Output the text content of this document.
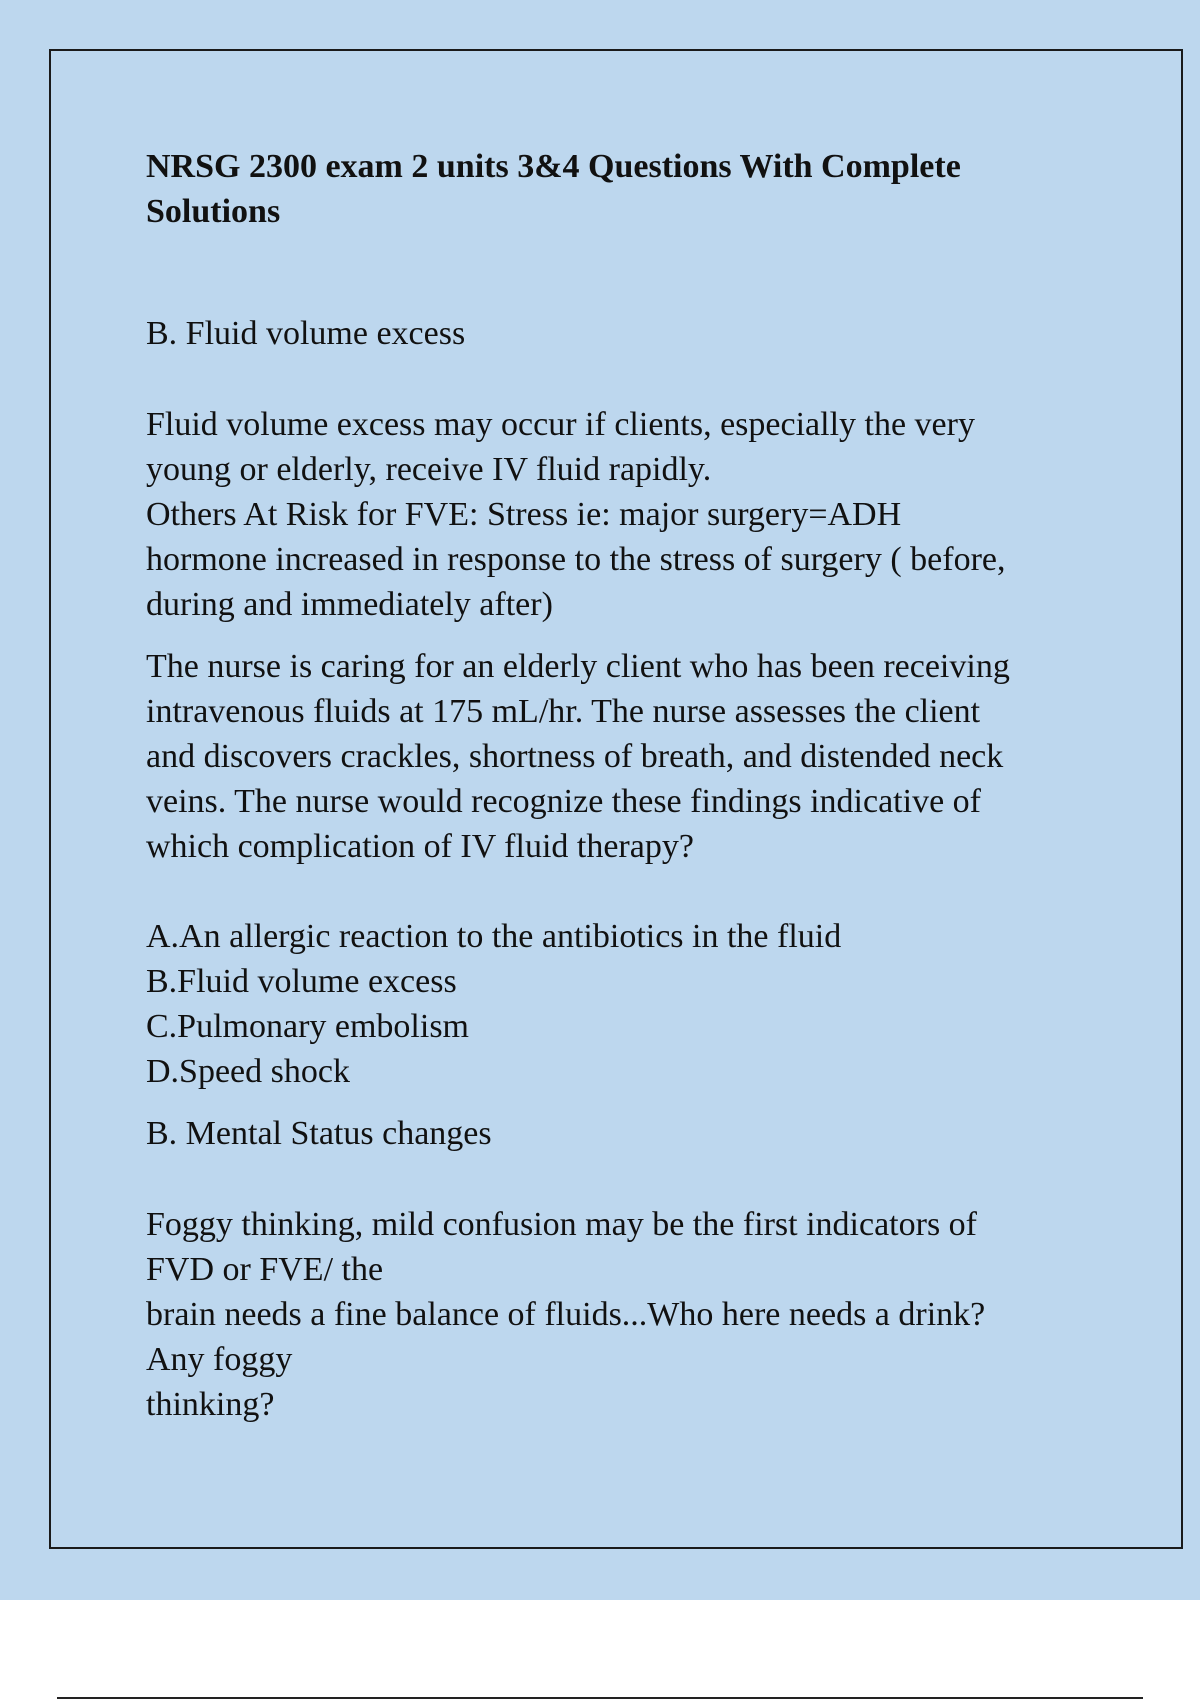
NRSG 2300 exam 2 units 3&4 Questions With Complete
Solutions
B. Fluid volume excess
Fluid volume excess may occur if clients, especially the very
young or elderly, receive IV fluid rapidly.
Others At Risk for FVE: Stress ie: major surgery=ADH
hormone increased in response to the stress of surgery ( before,
during and immediately after)
The nurse is caring for an elderly client who has been receiving
intravenous fluids at 175 mL/hr. The nurse assesses the client
and discovers crackles, shortness of breath, and distended neck
veins. The nurse would recognize these findings indicative of
which complication of IV fluid therapy?
A.An allergic reaction to the antibiotics in the fluid
B.Fluid volume excess
C.Pulmonary embolism
D.Speed shock
B. Mental Status changes
Foggy thinking, mild confusion may be the first indicators of
FVD or FVE/ the
brain needs a fine balance of fluids...Who here needs a drink?
Any foggy
thinking?
